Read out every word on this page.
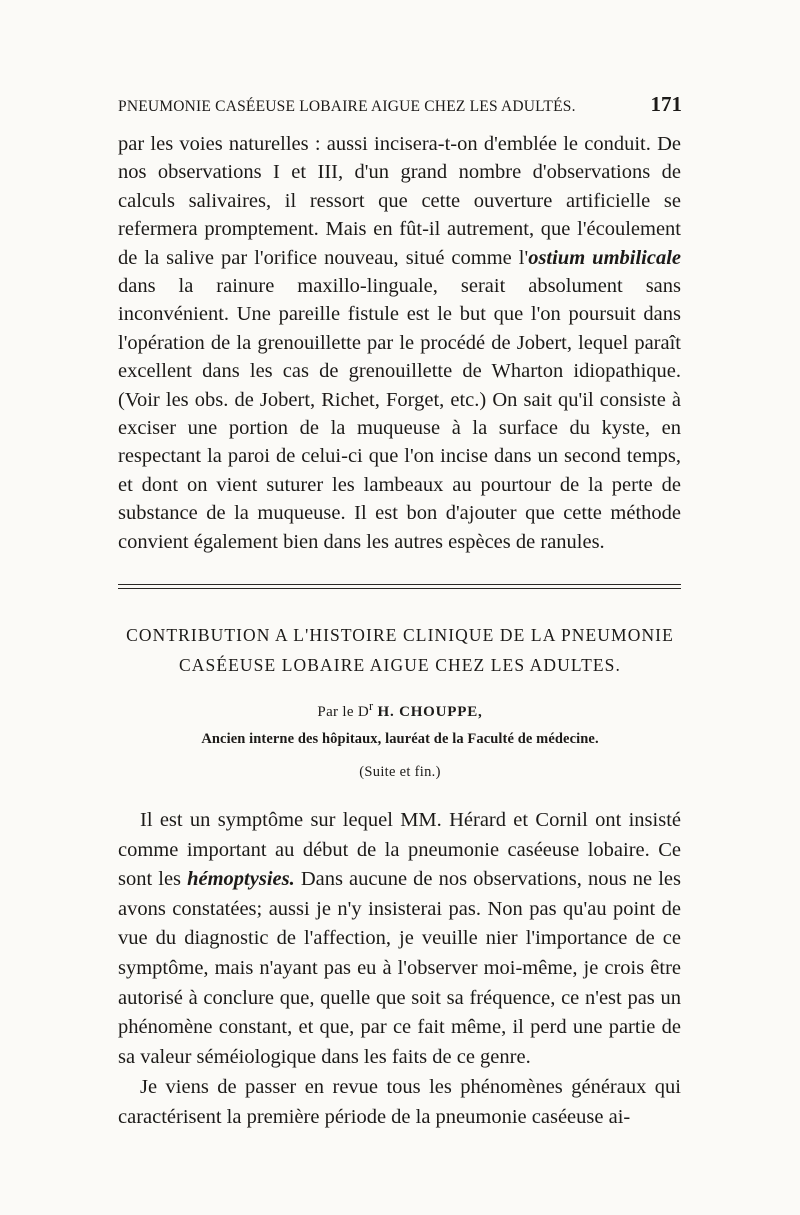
PNEUMONIE CASÉEUSE LOBAIRE AIGUE CHEZ LES ADULTÉS.	171

par les voies naturelles : aussi incisera-t-on d'emblée le conduit. De nos observations I et III, d'un grand nombre d'observations de calculs salivaires, il ressort que cette ouverture artificielle se refermera promptement. Mais en fût-il autrement, que l'écoulement de la salive par l'orifice nouveau, situé comme l'ostium umbilicale dans la rainure maxillo-linguale, serait absolument sans inconvénient. Une pareille fistule est le but que l'on poursuit dans l'opération de la grenouillette par le procédé de Jobert, lequel paraît excellent dans les cas de grenouillette de Wharton idiopathique. (Voir les obs. de Jobert, Richet, Forget, etc.) On sait qu'il consiste à exciser une portion de la muqueuse à la surface du kyste, en respectant la paroi de celui-ci que l'on incise dans un second temps, et dont on vient suturer les lambeaux au pourtour de la perte de substance de la muqueuse. Il est bon d'ajouter que cette méthode convient également bien dans les autres espèces de ranules.

CONTRIBUTION A L'HISTOIRE CLINIQUE DE LA PNEUMONIE
CASÉEUSE LOBAIRE AIGUE CHEZ LES ADULTES.
Par le $D^r$ H. CHOUPPE,
Ancien interne des hôpitaux, lauréat de la Faculté de médecine.
(Suite et fin.)

Il est un symptôme sur lequel MM. Hérard et Cornil ont insisté comme important au début de la pneumonie caséeuse lobaire. Ce sont les hémoptysies. Dans aucune de nos observations, nous ne les avons constatées; aussi je n'y insisterai pas. Non pas qu'au point de vue du diagnostic de l'affection, je veuille nier l'importance de ce symptôme, mais n'ayant pas eu à l'observer moi-même, je crois être autorisé à conclure que, quelle que soit sa fréquence, ce n'est pas un phénomène constant, et que, par ce fait même, il perd une partie de sa valeur séméiologique dans les faits de ce genre.

Je viens de passer en revue tous les phénomènes généraux qui caractérisent la première période de la pneumonie caséeuse ai-
